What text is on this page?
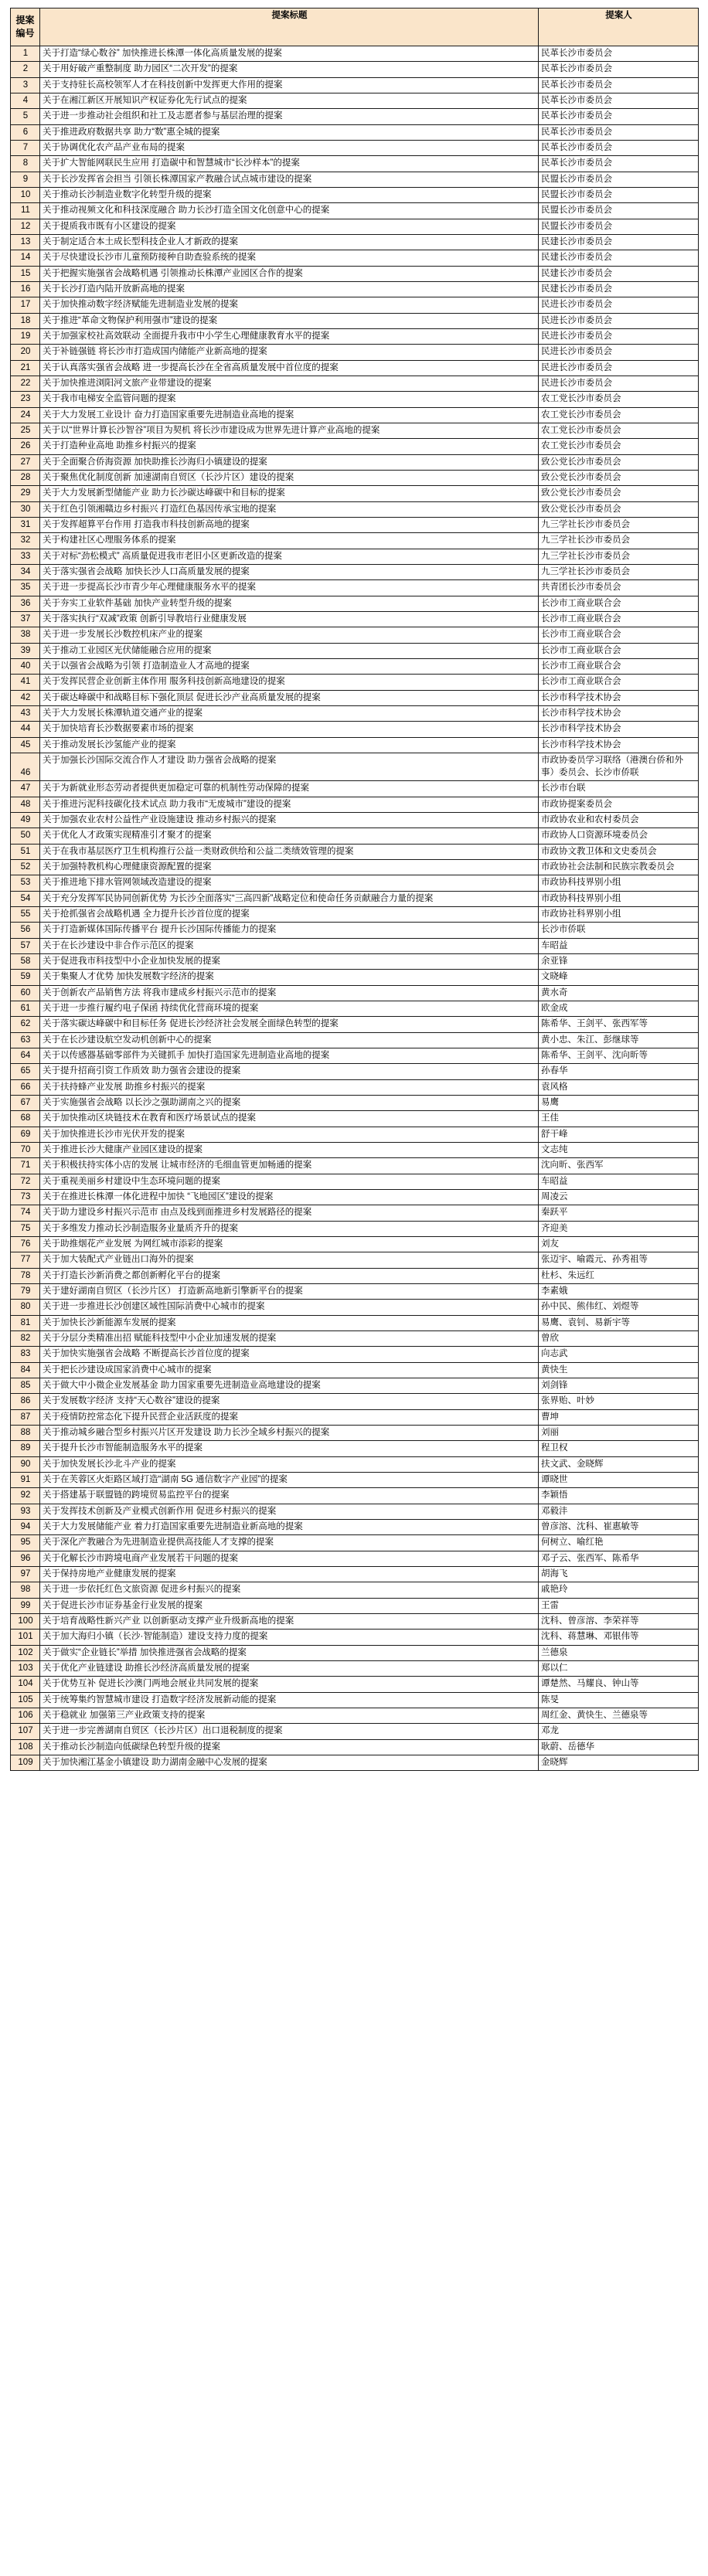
提案
编号	提案标题	提案人
1	关于打造“绿心数谷” 加快推进长株潭一体化高质量发展的提案	民革长沙市委员会
2	关于用好破产重整制度 助力园区“二次开发”的提案	民革长沙市委员会
3	关于支持驻长高校领军人才在科技创新中发挥更大作用的提案	民革长沙市委员会
4	关于在湘江新区开展知识产权证券化先行试点的提案	民革长沙市委员会
5	关于进一步推动社会组织和社工及志愿者参与基层治理的提案	民革长沙市委员会
6	关于推进政府数据共享 助力“数”惠全城的提案	民革长沙市委员会
7	关于协调优化农产品产业布局的提案	民革长沙市委员会
8	关于扩大智能网联民生应用 打造碳中和智慧城市“长沙样本”的提案	民革长沙市委员会
9	关于长沙发挥省会担当 引领长株潭国家产教融合试点城市建设的提案	民盟长沙市委员会
10	关于推动长沙制造业数字化转型升级的提案	民盟长沙市委员会
11	关于推动视频文化和科技深度融合 助力长沙打造全国文化创意中心的提案	民盟长沙市委员会
12	关于提质我市既有小区建设的提案	民盟长沙市委员会
13	关于制定适合本土成长型科技企业人才新政的提案	民建长沙市委员会
14	关于尽快建设长沙市儿童预防接种自助查验系统的提案	民建长沙市委员会
15	关于把握实施强省会战略机遇 引领推动长株潭产业园区合作的提案	民建长沙市委员会
16	关于长沙打造内陆开放新高地的提案	民建长沙市委员会
17	关于加快推动数字经济赋能先进制造业发展的提案	民进长沙市委员会
18	关于推进“革命文物保护利用强市”建设的提案	民进长沙市委员会
19	关于加强家校社高效联动 全面提升我市中小学生心理健康教育水平的提案	民进长沙市委员会
20	关于补链强链 将长沙市打造成国内储能产业新高地的提案	民进长沙市委员会
21	关于认真落实强省会战略 进一步提高长沙在全省高质量发展中首位度的提案	民进长沙市委员会
22	关于加快推进浏阳河文旅产业带建设的提案	民进长沙市委员会
23	关于我市电梯安全监管问题的提案	农工党长沙市委员会
24	关于大力发展工业设计 奋力打造国家重要先进制造业高地的提案	农工党长沙市委员会
25	关于以“世界计算长沙智谷”项目为契机 将长沙市建设成为世界先进计算产业高地的提案	农工党长沙市委员会
26	关于打造种业高地 助推乡村振兴的提案	农工党长沙市委员会
27	关于全面聚合侨海资源 加快助推长沙海归小镇建设的提案	致公党长沙市委员会
28	关于聚焦优化制度创新 加速湖南自贸区（长沙片区）建设的提案	致公党长沙市委员会
29	关于大力发展新型储能产业 助力长沙碳达峰碳中和目标的提案	致公党长沙市委员会
30	关于红色引领湘赣边乡村振兴 打造红色基因传承宝地的提案	致公党长沙市委员会
31	关于发挥超算平台作用 打造我市科技创新高地的提案	九三学社长沙市委员会
32	关于构建社区心理服务体系的提案	九三学社长沙市委员会
33	关于对标“劲松模式” 高质量促进我市老旧小区更新改造的提案	九三学社长沙市委员会
34	关于落实强省会战略 加快长沙人口高质量发展的提案	九三学社长沙市委员会
35	关于进一步提高长沙市青少年心理健康服务水平的提案	共青团长沙市委员会
36	关于夯实工业软件基础 加快产业转型升级的提案	长沙市工商业联合会
37	关于落实执行“双减”政策 创新引导教培行业健康发展	长沙市工商业联合会
38	关于进一步发展长沙数控机床产业的提案	长沙市工商业联合会
39	关于推动工业园区光伏储能融合应用的提案	长沙市工商业联合会
40	关于以强省会战略为引领 打造制造业人才高地的提案	长沙市工商业联合会
41	关于发挥民营企业创新主体作用 服务科技创新高地建设的提案	长沙市工商业联合会
42	关于碳达峰碳中和战略目标下强化顶层 促进长沙产业高质量发展的提案	长沙市科学技术协会
43	关于大力发展长株潭轨道交通产业的提案	长沙市科学技术协会
44	关于加快培育长沙数据要素市场的提案	长沙市科学技术协会
45	关于推动发展长沙氢能产业的提案	长沙市科学技术协会
46	关于加强长沙国际交流合作人才建设 助力强省会战略的提案	市政协委员学习联络（港澳台侨和外事）委员会、长沙市侨联
47	关于为新就业形态劳动者提供更加稳定可靠的机制性劳动保障的提案	长沙市台联
48	关于推进污泥科技碳化技术试点 助力我市“无废城市”建设的提案	市政协提案委员会
49	关于加强农业农村公益性产业设施建设 推动乡村振兴的提案	市政协农业和农村委员会
50	关于优化人才政策实现精准引才聚才的提案	市政协人口资源环境委员会
51	关于在我市基层医疗卫生机构推行公益一类财政供给和公益二类绩效管理的提案	市政协文教卫体和文史委员会
52	关于加强特教机构心理健康资源配置的提案	市政协社会法制和民族宗教委员会
53	关于推进地下排水管网领域改造建设的提案	市政协科技界别小组
54	关于充分发挥军民协同创新优势 为长沙全面落实“三高四新”战略定位和使命任务贡献融合力量的提案	市政协科技界别小组
55	关于抢抓强省会战略机遇 全力提升长沙首位度的提案	市政协社科界别小组
56	关于打造新媒体国际传播平台 提升长沙国际传播能力的提案	长沙市侨联
57	关于在长沙建设中非合作示范区的提案	车昭益
58	关于促进我市科技型中小企业加快发展的提案	余亚锋
59	关于集聚人才优势 加快发展数字经济的提案	文晓峰
60	关于创新农产品销售方法 将我市建成乡村振兴示范市的提案	黄水奇
61	关于进一步推行履约电子保函 持续优化营商环境的提案	欧金成
62	关于落实碳达峰碳中和目标任务 促进长沙经济社会发展全面绿色转型的提案	陈希华、王剑平、张西军等
63	关于在长沙建设航空发动机创新中心的提案	黄小忠、朱江、彭继球等
64	关于以传感器基础零部件为关键抓手 加快打造国家先进制造业高地的提案	陈希华、王剑平、沈向昕等
65	关于提升招商引资工作质效 助力强省会建设的提案	孙春华
66	关于扶持蜂产业发展 助推乡村振兴的提案	袁风格
67	关于实施强省会战略 以长沙之强助湖南之兴的提案	易鹰
68	关于加快推动区块链技术在教育和医疗场景试点的提案	王佳
69	关于加快推进长沙市光伏开发的提案	舒干峰
70	关于推进长沙大健康产业园区建设的提案	文志纯
71	关于积极扶持实体小店的发展 让城市经济的毛细血管更加畅通的提案	沈向昕、张西军
72	关于重视美丽乡村建设中生态环境问题的提案	车昭益
73	关于在推进长株潭一体化进程中加快 “飞地园区”建设的提案	周凌云
74	关于助力建设乡村振兴示范市 由点及线到面推进乡村发展路径的提案	秦跃平
75	关于多维发力推动长沙制造服务业量质齐升的提案	齐迎美
76	关于助推烟花产业发展 为网红城市添彩的提案	刘友
77	关于加大装配式产业链出口海外的提案	张迈宇、喻霞元、孙秀祖等
78	关于打造长沙新消费之都创新孵化平台的提案	杜杉、朱远红
79	关于建好湖南自贸区（长沙片区） 打造新高地新引擎新平台的提案	李素娥
80	关于进一步推进长沙创建区域性国际消费中心城市的提案	孙中民、熊伟红、刘煜等
81	关于加快长沙新能源车发展的提案	易鹰、袁钊、易新宇等
82	关于分层分类精准出招 赋能科技型中小企业加速发展的提案	曾欣
83	关于加快实施强省会战略 不断提高长沙首位度的提案	向志武
84	关于把长沙建设成国家消费中心城市的提案	黄快生
85	关于做大中小微企业发展基金 助力国家重要先进制造业高地建设的提案	刘剑锋
86	关于发展数字经济 支持“天心数谷”建设的提案	张界贻、叶妙
87	关于疫情防控常态化下提升民营企业活跃度的提案	曹坤
88	关于推动城乡融合型乡村振兴片区开发建设 助力长沙全域乡村振兴的提案	刘丽
89	关于提升长沙市智能制造服务水平的提案	程卫权
90	关于加快发展长沙北斗产业的提案	扶文武、金晓辉
91	关于在芙蓉区火炬路区域打造“湖南 5G 通信数字产业园”的提案	谭晓世
92	关于搭建基于联盟链的跨境贸易监控平台的提案	李颖悟
93	关于发挥技术创新及产业模式创新作用 促进乡村振兴的提案	邓毅沣
94	关于大力发展储能产业 着力打造国家重要先进制造业新高地的提案	曾彦溶、沈科、崔惠敏等
95	关于深化产教融合为先进制造业提供高技能人才支撑的提案	何树立、喻红艳
96	关于化解长沙市跨境电商产业发展若干问题的提案	邓子云、张西军、陈希华
97	关于保持房地产业健康发展的提案	胡海飞
98	关于进一步依托红色文旅资源 促进乡村振兴的提案	戚艳玲
99	关于促进长沙市证券基金行业发展的提案	王雷
100	关于培育战略性新兴产业 以创新驱动支撑产业升级新高地的提案	沈科、曾彦溶、李荣祥等
101	关于加大海归小镇（长沙·智能制造）建设支持力度的提案	沈科、蒋慧琳、邓银伟等
102	关于做实“企业链长”举措 加快推进强省会战略的提案	兰德泉
103	关于优化产业链建设 助推长沙经济高质量发展的提案	郑以仁
104	关于优势互补 促进长沙澳门两地会展业共同发展的提案	谭楚然、马耀良、钟山等
105	关于统筹集约智慧城市建设 打造数字经济发展新动能的提案	陈旻
106	关于稳就业 加强第三产业政策支持的提案	周红金、黄快生、兰德泉等
107	关于进一步完善湖南自贸区（长沙片区）出口退税制度的提案	邓龙
108	关于推动长沙制造向低碳绿色转型升级的提案	耿蔚、岳德华
109	关于加快湘江基金小镇建设 助力湖南金融中心发展的提案	金晓辉
